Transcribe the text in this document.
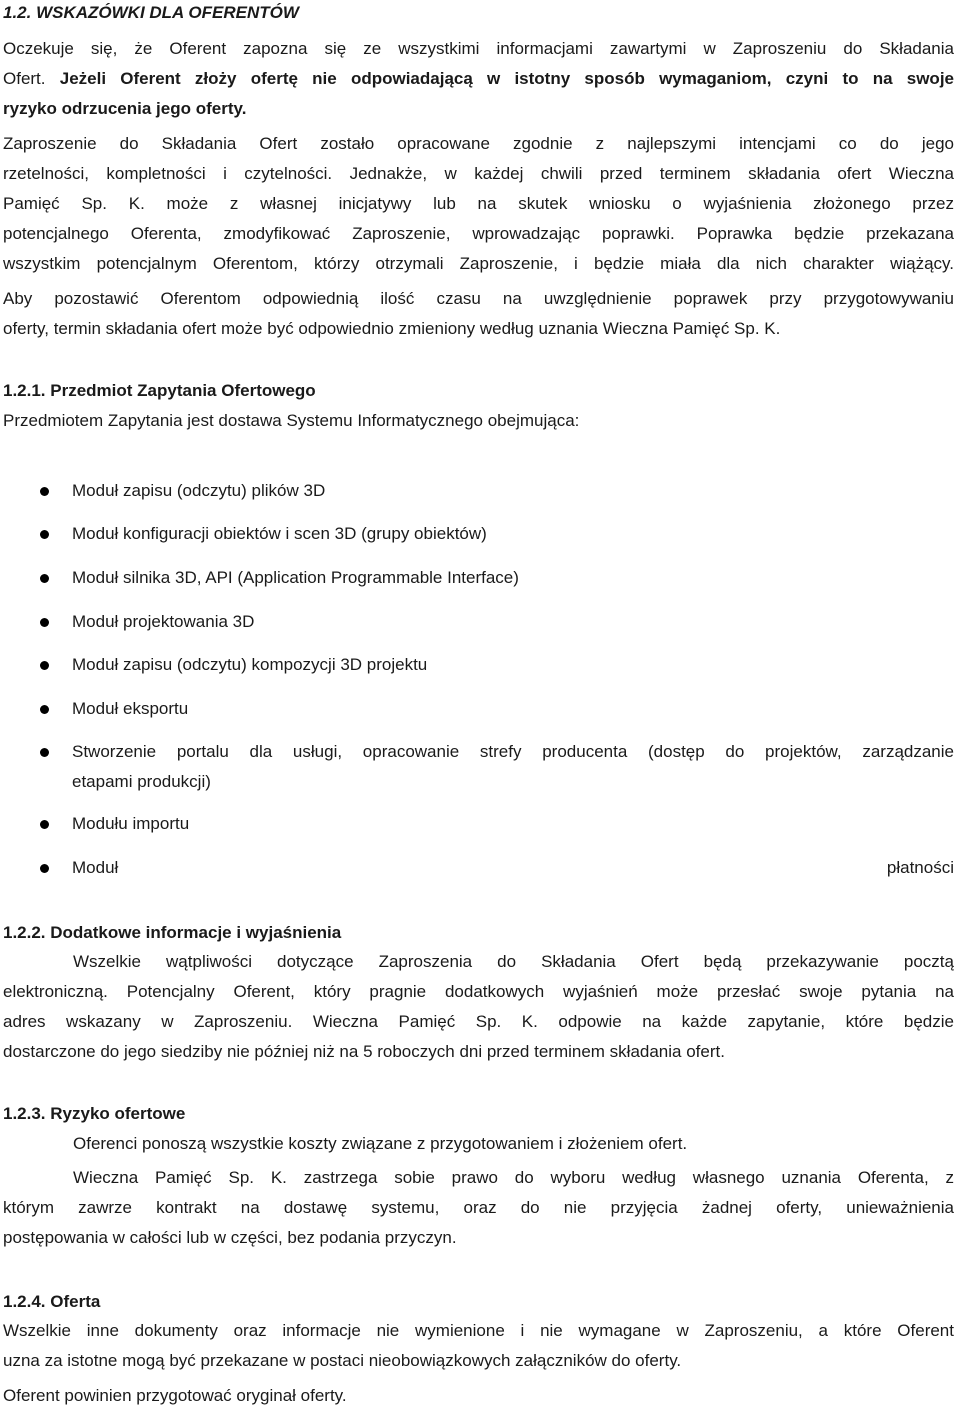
1.2. WSKAZÓWKI DLA OFERENTÓW
Oczekuje się, że Oferent zapozna się ze wszystkimi informacjami zawartymi w Zaproszeniu do Składania
Ofert. Jeżeli Oferent złoży ofertę nie odpowiadającą w istotny sposób wymaganiom, czyni to na swoje
ryzyko odrzucenia jego oferty.
Zaproszenie do Składania Ofert zostało opracowane zgodnie z najlepszymi intencjami co do jego
rzetelności, kompletności i czytelności. Jednakże, w każdej chwili przed terminem składania ofert Wieczna
Pamięć Sp. K. może z własnej inicjatywy lub na skutek wniosku o wyjaśnienia złożonego przez
potencjalnego Oferenta, zmodyfikować Zaproszenie, wprowadzając poprawki. Poprawka będzie przekazana
wszystkim potencjalnym Oferentom, którzy otrzymali Zaproszenie, i będzie miała dla nich charakter wiążący.
Aby pozostawić Oferentom odpowiednią ilość czasu na uwzględnienie poprawek przy przygotowywaniu
oferty, termin składania ofert może być odpowiednio zmieniony według uznania Wieczna Pamięć Sp. K.
1.2.1. Przedmiot Zapytania Ofertowego
Przedmiotem Zapytania jest dostawa Systemu Informatycznego obejmująca:
Moduł zapisu (odczytu) plików 3D
Moduł konfiguracji obiektów i scen 3D (grupy obiektów)
Moduł silnika 3D, API (Application Programmable Interface)
Moduł projektowania 3D
Moduł zapisu (odczytu) kompozycji 3D projektu
Moduł eksportu
Stworzenie portalu dla usługi, opracowanie strefy producenta (dostęp do projektów, zarządzanie
etapami produkcji)
Modułu importu
Moduł	płatności
1.2.2. Dodatkowe informacje i wyjaśnienia
Wszelkie wątpliwości dotyczące Zaproszenia do Składania Ofert będą przekazywanie pocztą
elektroniczną. Potencjalny Oferent, który pragnie dodatkowych wyjaśnień może przesłać swoje pytania na
adres wskazany w Zaproszeniu. Wieczna Pamięć Sp. K. odpowie na każde zapytanie, które będzie
dostarczone do jego siedziby nie później niż na 5 roboczych dni przed terminem składania ofert.
1.2.3. Ryzyko ofertowe
Oferenci ponoszą wszystkie koszty związane z przygotowaniem i złożeniem ofert.
Wieczna Pamięć Sp. K. zastrzega sobie prawo do wyboru według własnego uznania Oferenta, z
którym zawrze kontrakt na dostawę systemu, oraz do nie przyjęcia żadnej oferty, unieważnienia
postępowania w całości lub w części, bez podania przyczyn.
1.2.4. Oferta
Wszelkie inne dokumenty oraz informacje nie wymienione i nie wymagane w Zaproszeniu, a które Oferent
uzna za istotne mogą być przekazane w postaci nieobowiązkowych załączników do oferty.
Oferent powinien przygotować oryginał oferty.
